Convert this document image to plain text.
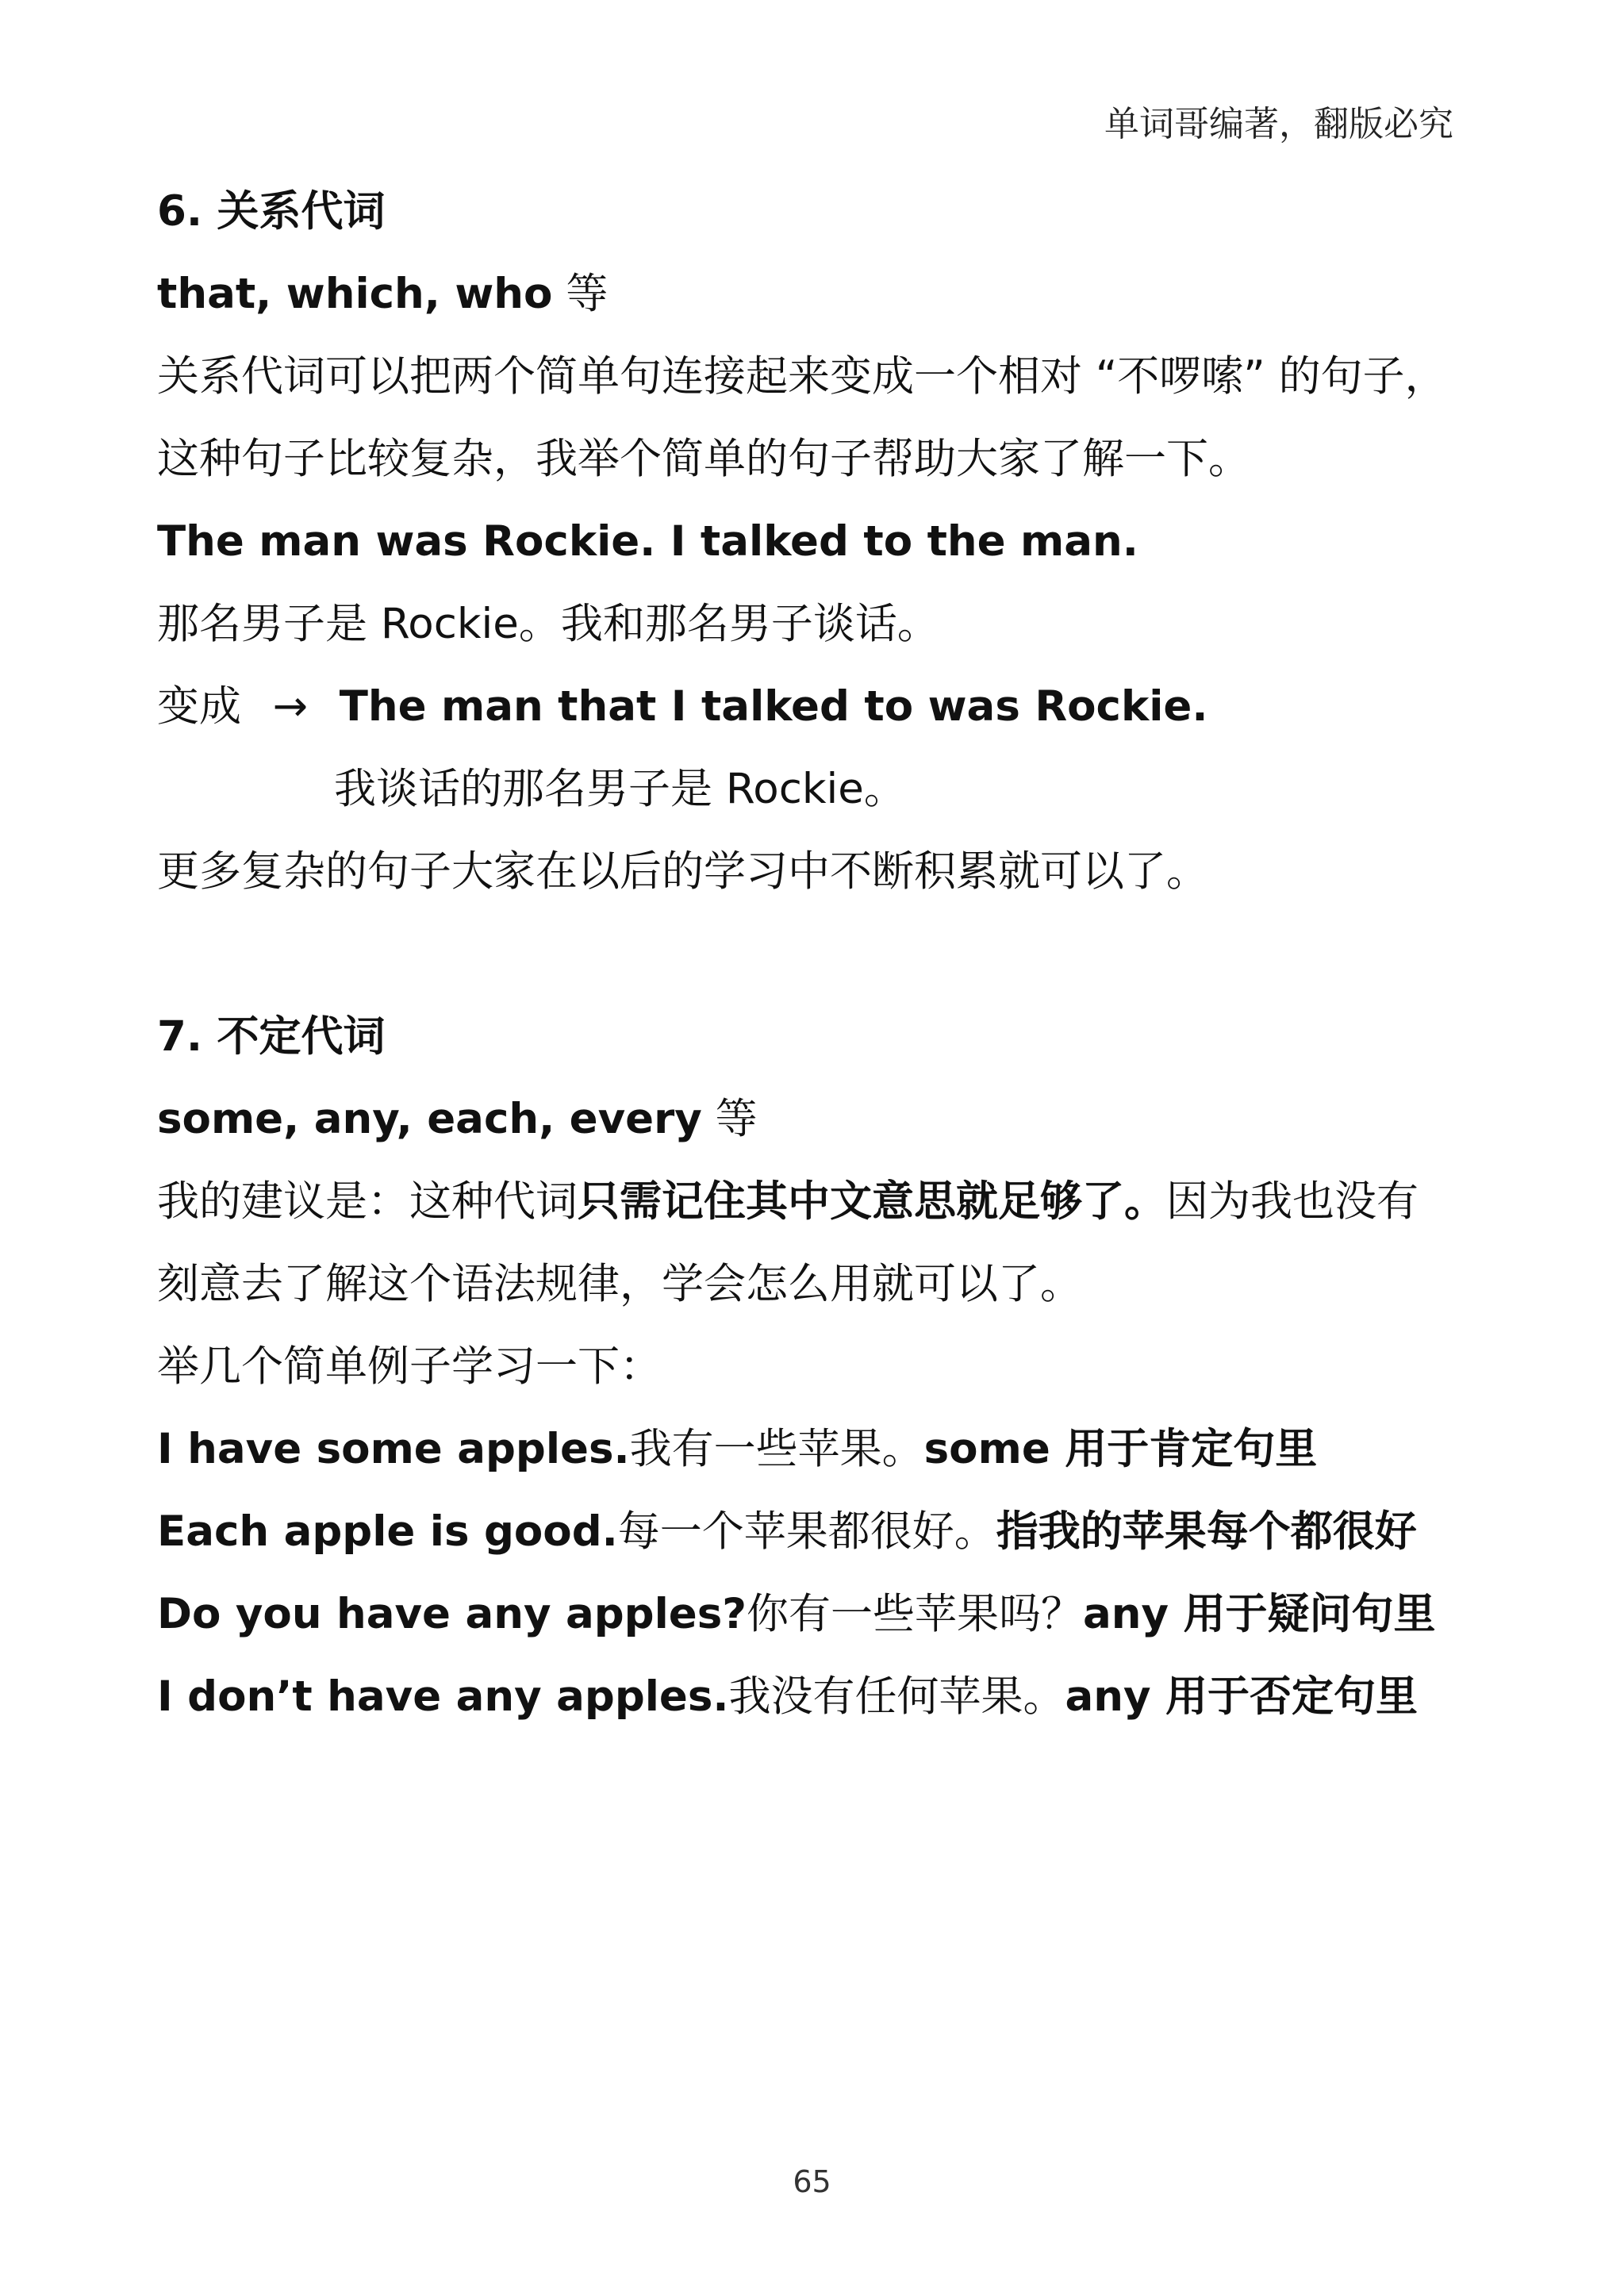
单词哥编著，翻版必究
6. 关系代词
that, which, who 等
关系代词可以把两个简单句连接起来变成一个相对 “不啰嗦” 的句子，
这种句子比较复杂，我举个简单的句子帮助大家了解一下。
The man was Rockie. I talked to the man.
那名男子是 Rockie。我和那名男子谈话。
变成 → The man that I talked to was Rockie.
我谈话的那名男子是 Rockie。
更多复杂的句子大家在以后的学习中不断积累就可以了。
7. 不定代词
some, any, each, every 等
我的建议是：这种代词只需记住其中文意思就足够了。因为我也没有
刻意去了解这个语法规律，学会怎么用就可以了。
举几个简单例子学习一下：
I have some apples.我有一些苹果。some 用于肯定句里
Each apple is good.每一个苹果都很好。指我的苹果每个都很好
Do you have any apples?你有一些苹果吗？any 用于疑问句里
I don’t have any apples.我没有任何苹果。any 用于否定句里
65
